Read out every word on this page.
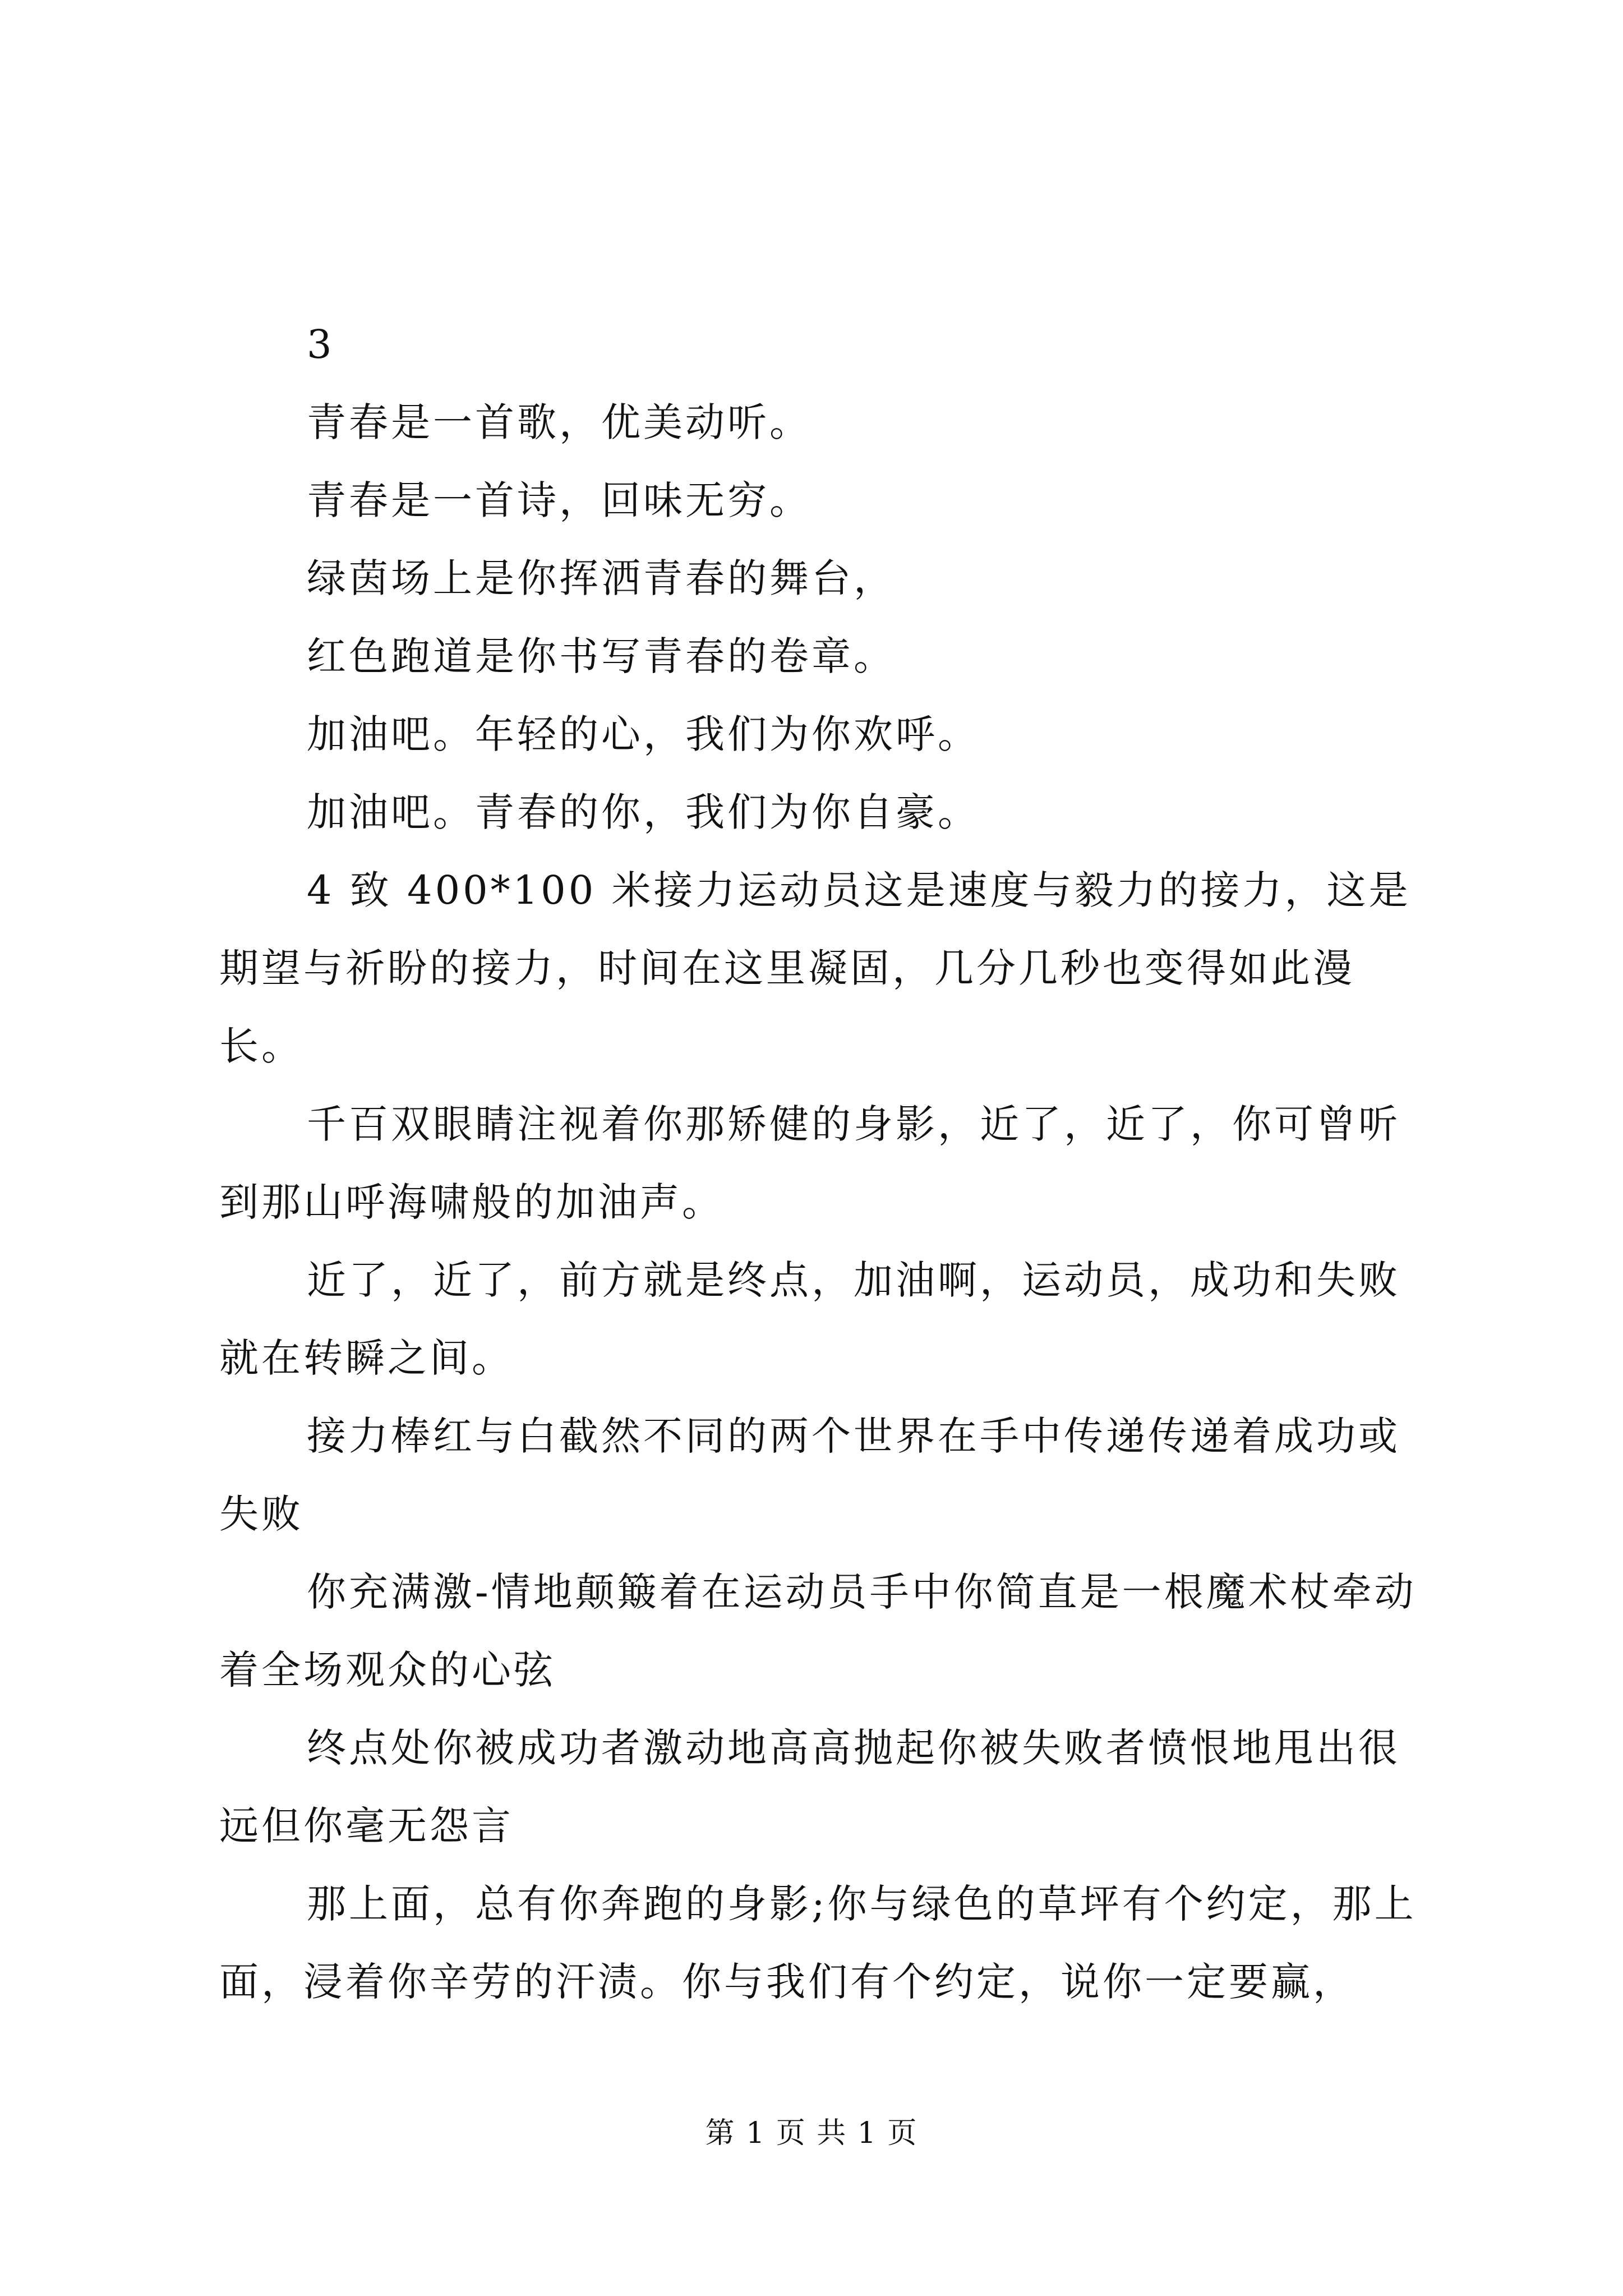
3

青春是一首歌，优美动听。

青春是一首诗，回味无穷。

绿茵场上是你挥洒青春的舞台，

红色跑道是你书写青春的卷章。

加油吧。年轻的心，我们为你欢呼。

加油吧。青春的你，我们为你自豪。

4 致 400*100 米接力运动员这是速度与毅力的接力，这是期望与祈盼的接力，时间在这里凝固，几分几秒也变得如此漫长。

千百双眼睛注视着你那矫健的身影，近了，近了，你可曾听到那山呼海啸般的加油声。

近了，近了，前方就是终点，加油啊，运动员，成功和失败就在转瞬之间。

接力棒红与白截然不同的两个世界在手中传递传递着成功或失败

你充满激-情地颠簸着在运动员手中你简直是一根魔术杖牵动着全场观众的心弦

终点处你被成功者激动地高高抛起你被失败者愤恨地甩出很远但你毫无怨言

那上面，总有你奔跑的身影;你与绿色的草坪有个约定，那上面，浸着你辛劳的汗渍。你与我们有个约定，说你一定要赢，

第 1 页 共 1 页
